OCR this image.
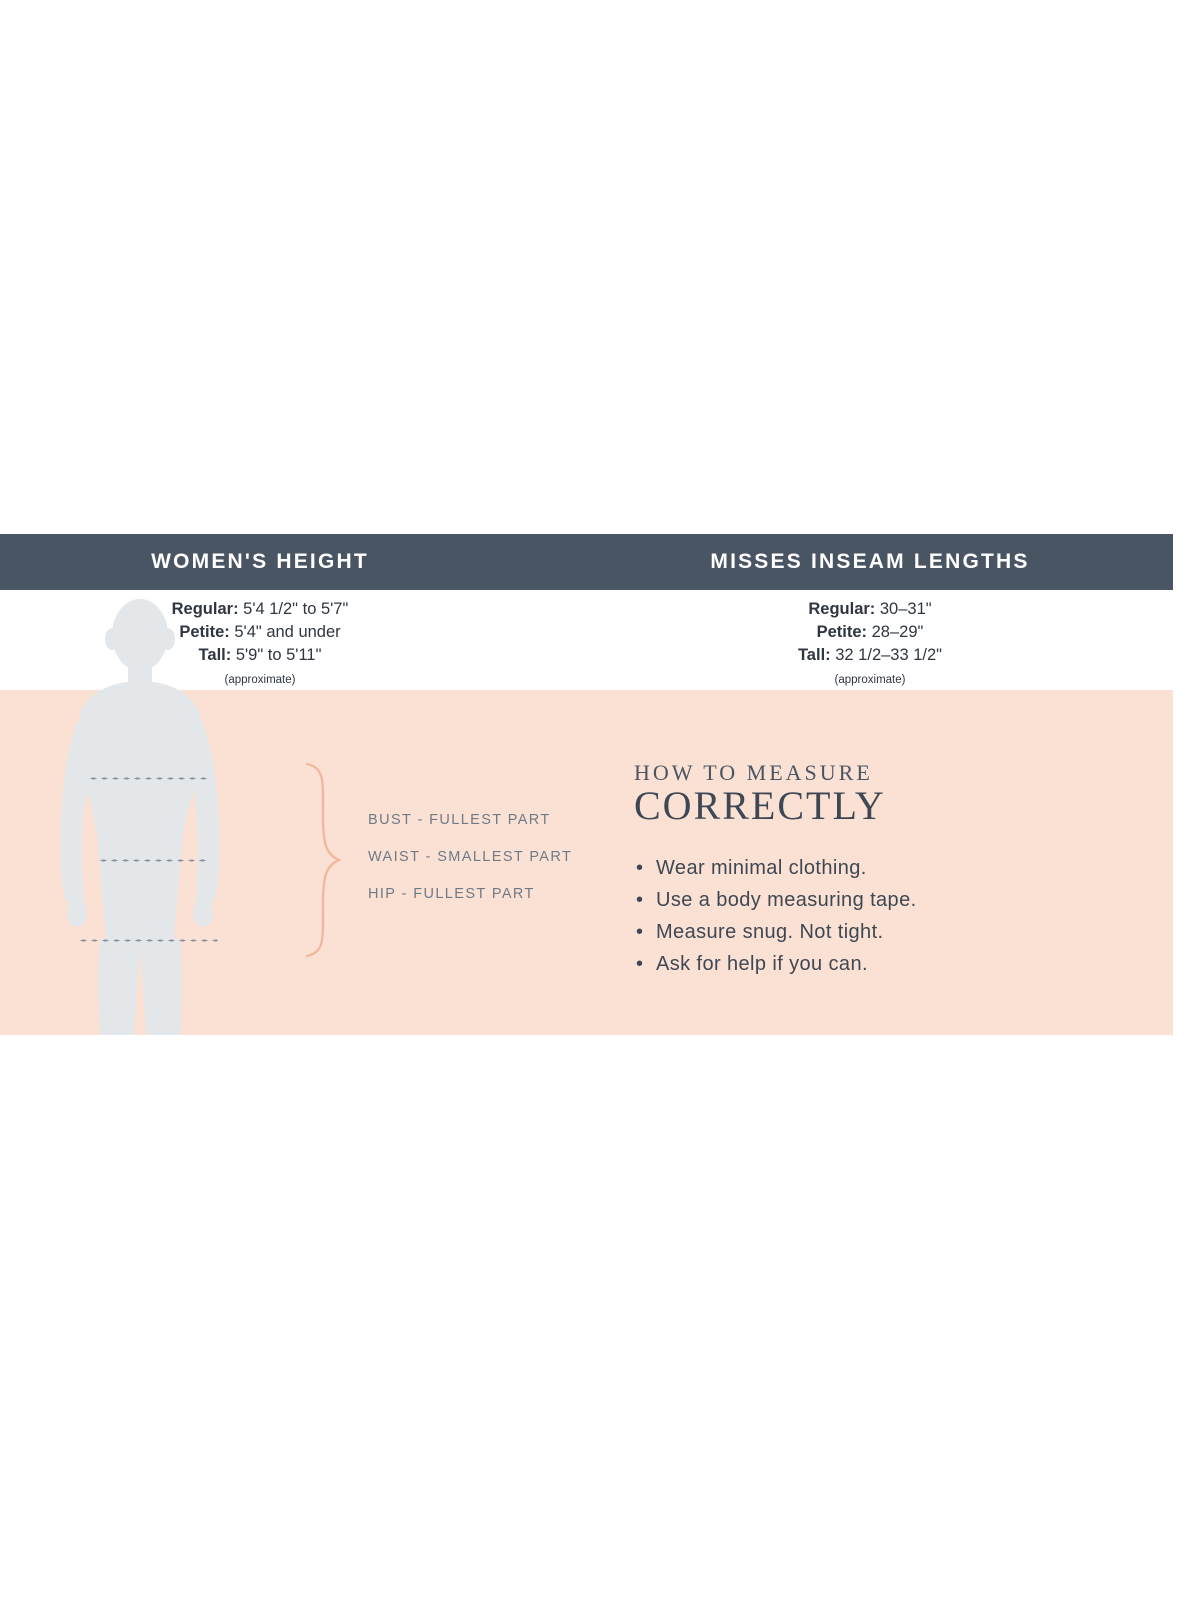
WOMEN'S HEIGHT	MISSES INSEAM LENGTHS
Regular: 5'4 1/2" to 5'7"
Petite: 5'4" and under
Tall: 5'9" to 5'11"
(approximate)
Regular: 30–31"
Petite: 28–29"
Tall: 32 1/2–33 1/2"
(approximate)
BUST - FULLEST PART
WAIST - SMALLEST PART
HIP - FULLEST PART
HOW TO MEASURE
CORRECTLY
• Wear minimal clothing.
• Use a body measuring tape.
• Measure snug. Not tight.
• Ask for help if you can.
